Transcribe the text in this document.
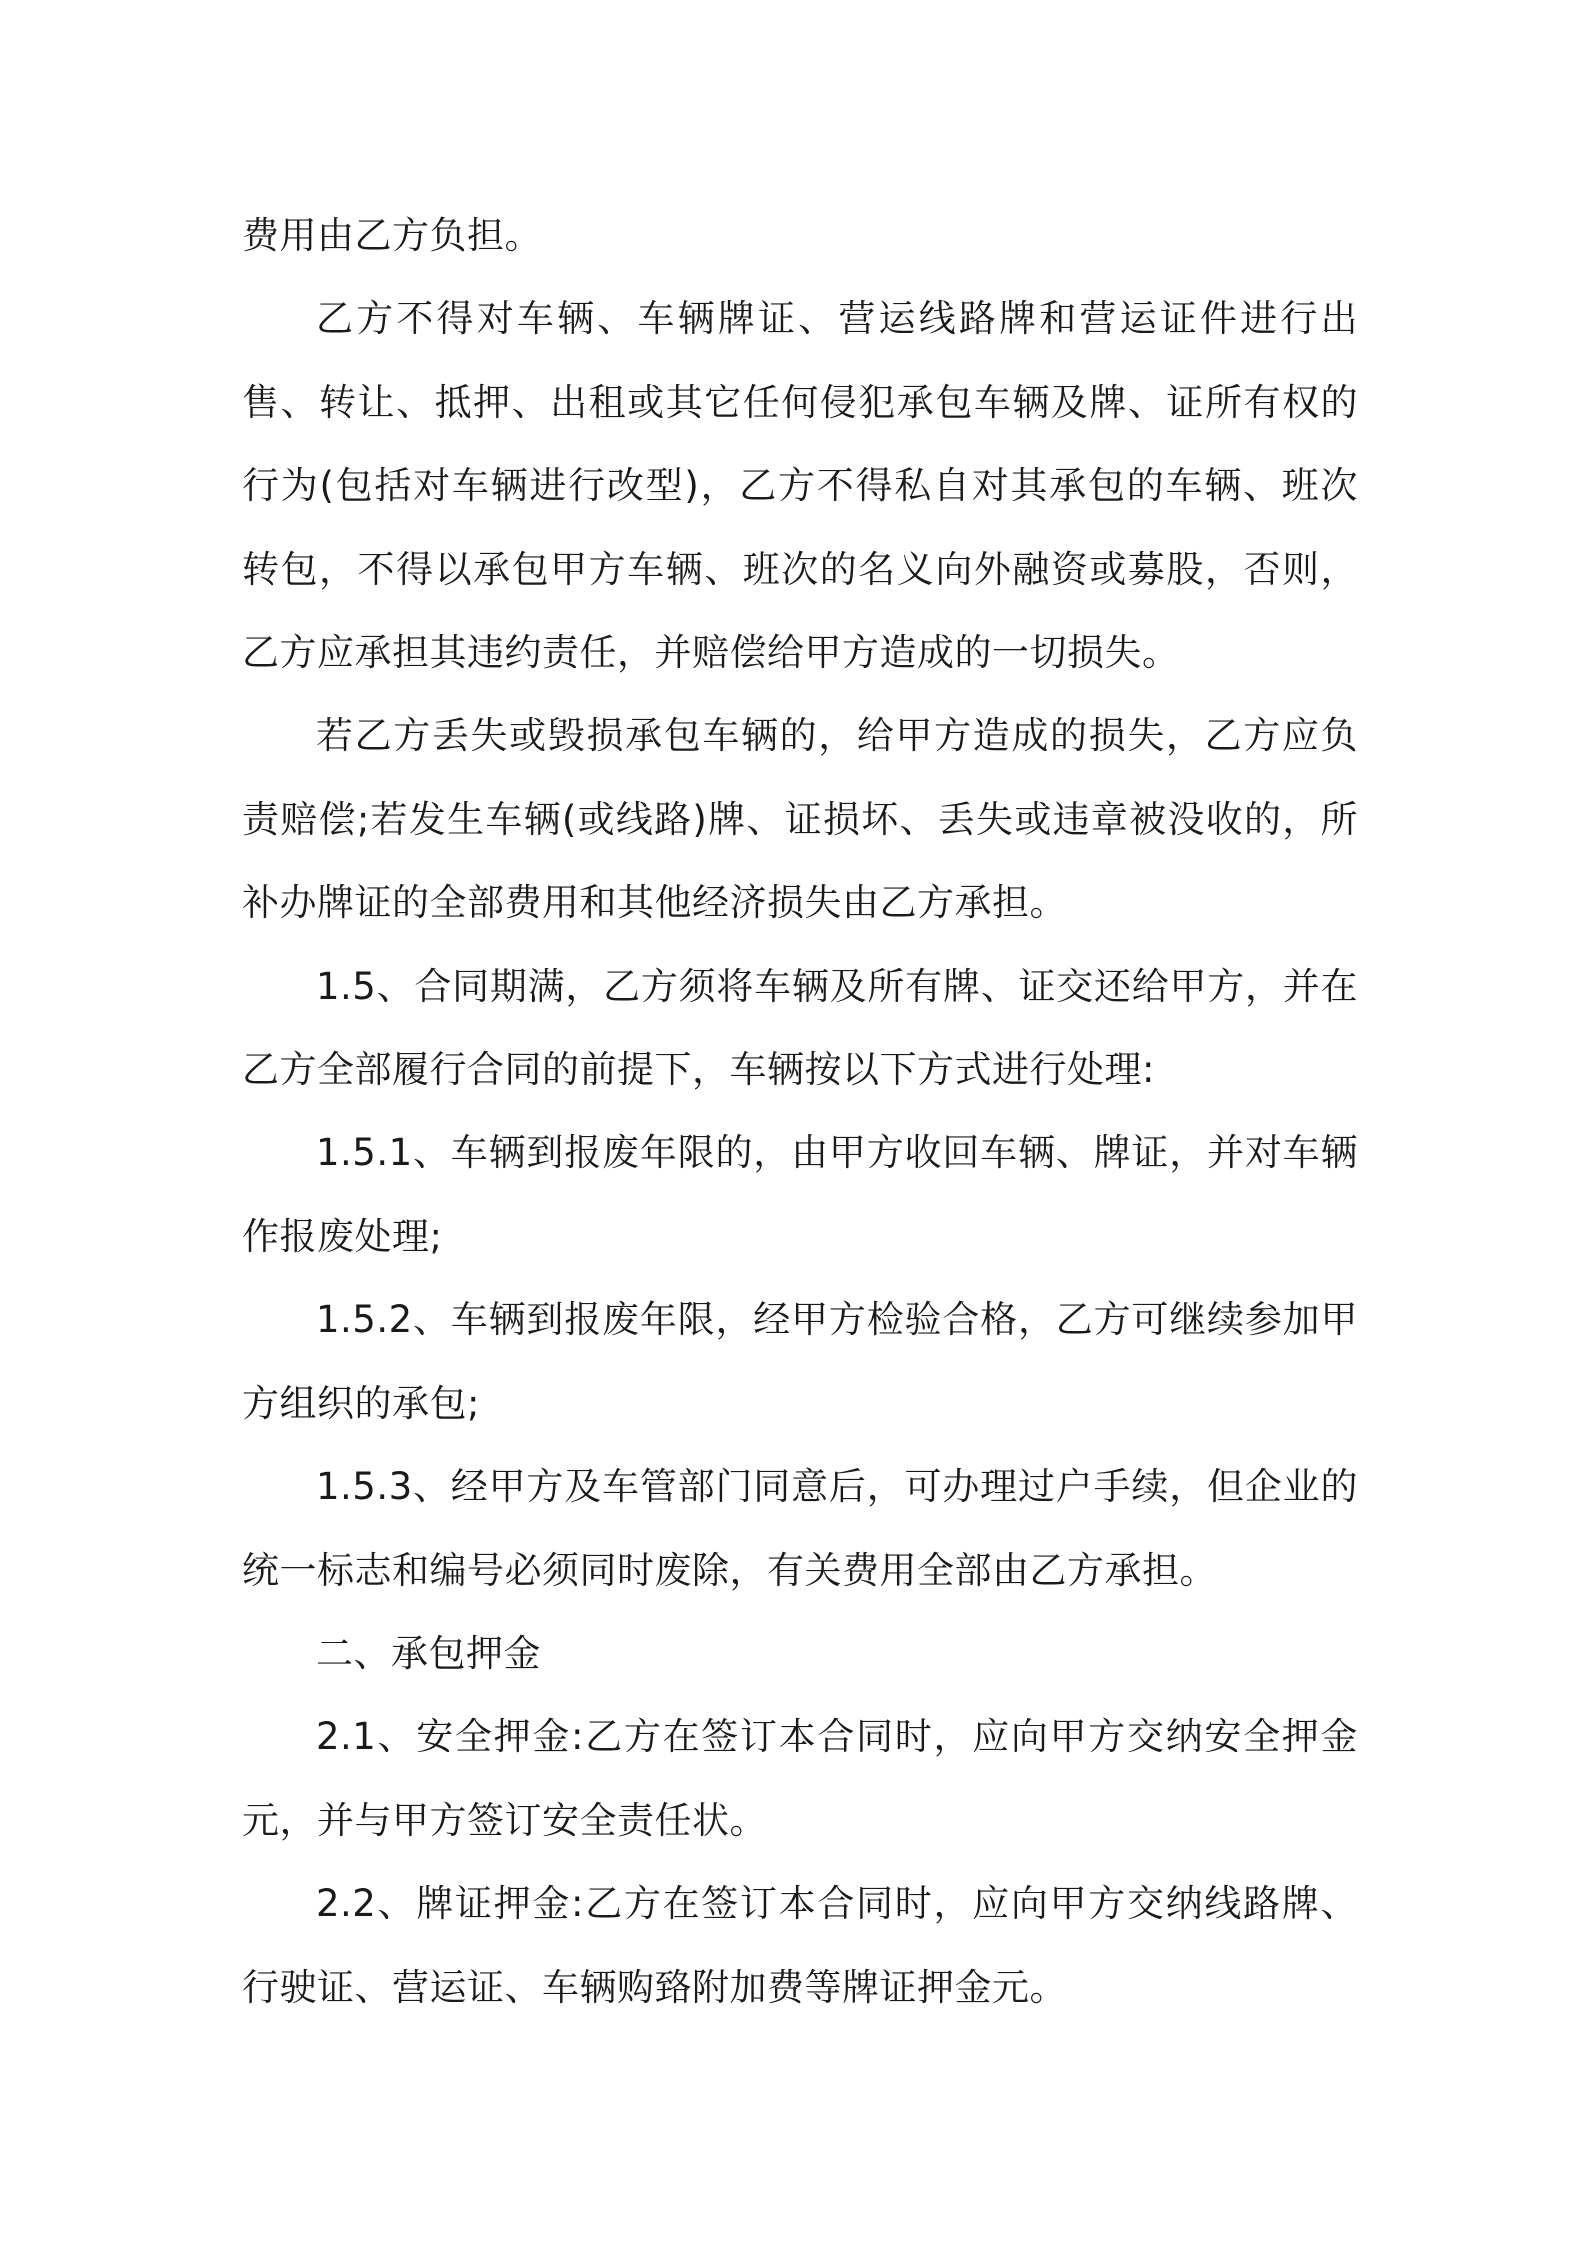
费用由乙方负担。

乙方不得对车辆、车辆牌证、营运线路牌和营运证件进行出售、转让、抵押、出租或其它任何侵犯承包车辆及牌、证所有权的行为(包括对车辆进行改型)，乙方不得私自对其承包的车辆、班次转包，不得以承包甲方车辆、班次的名义向外融资或募股，否则，乙方应承担其违约责任，并赔偿给甲方造成的一切损失。

若乙方丢失或毁损承包车辆的，给甲方造成的损失，乙方应负责赔偿;若发生车辆(或线路)牌、证损坏、丢失或违章被没收的，所补办牌证的全部费用和其他经济损失由乙方承担。

1.5、合同期满，乙方须将车辆及所有牌、证交还给甲方，并在乙方全部履行合同的前提下，车辆按以下方式进行处理:

1.5.1、车辆到报废年限的，由甲方收回车辆、牌证，并对车辆作报废处理;

1.5.2、车辆到报废年限，经甲方检验合格，乙方可继续参加甲方组织的承包;

1.5.3、经甲方及车管部门同意后，可办理过户手续，但企业的统一标志和编号必须同时废除，有关费用全部由乙方承担。

二、承包押金

2.1、安全押金:乙方在签订本合同时，应向甲方交纳安全押金元，并与甲方签订安全责任状。

2.2、牌证押金:乙方在签订本合同时，应向甲方交纳线路牌、行驶证、营运证、车辆购臵附加费等牌证押金元。
